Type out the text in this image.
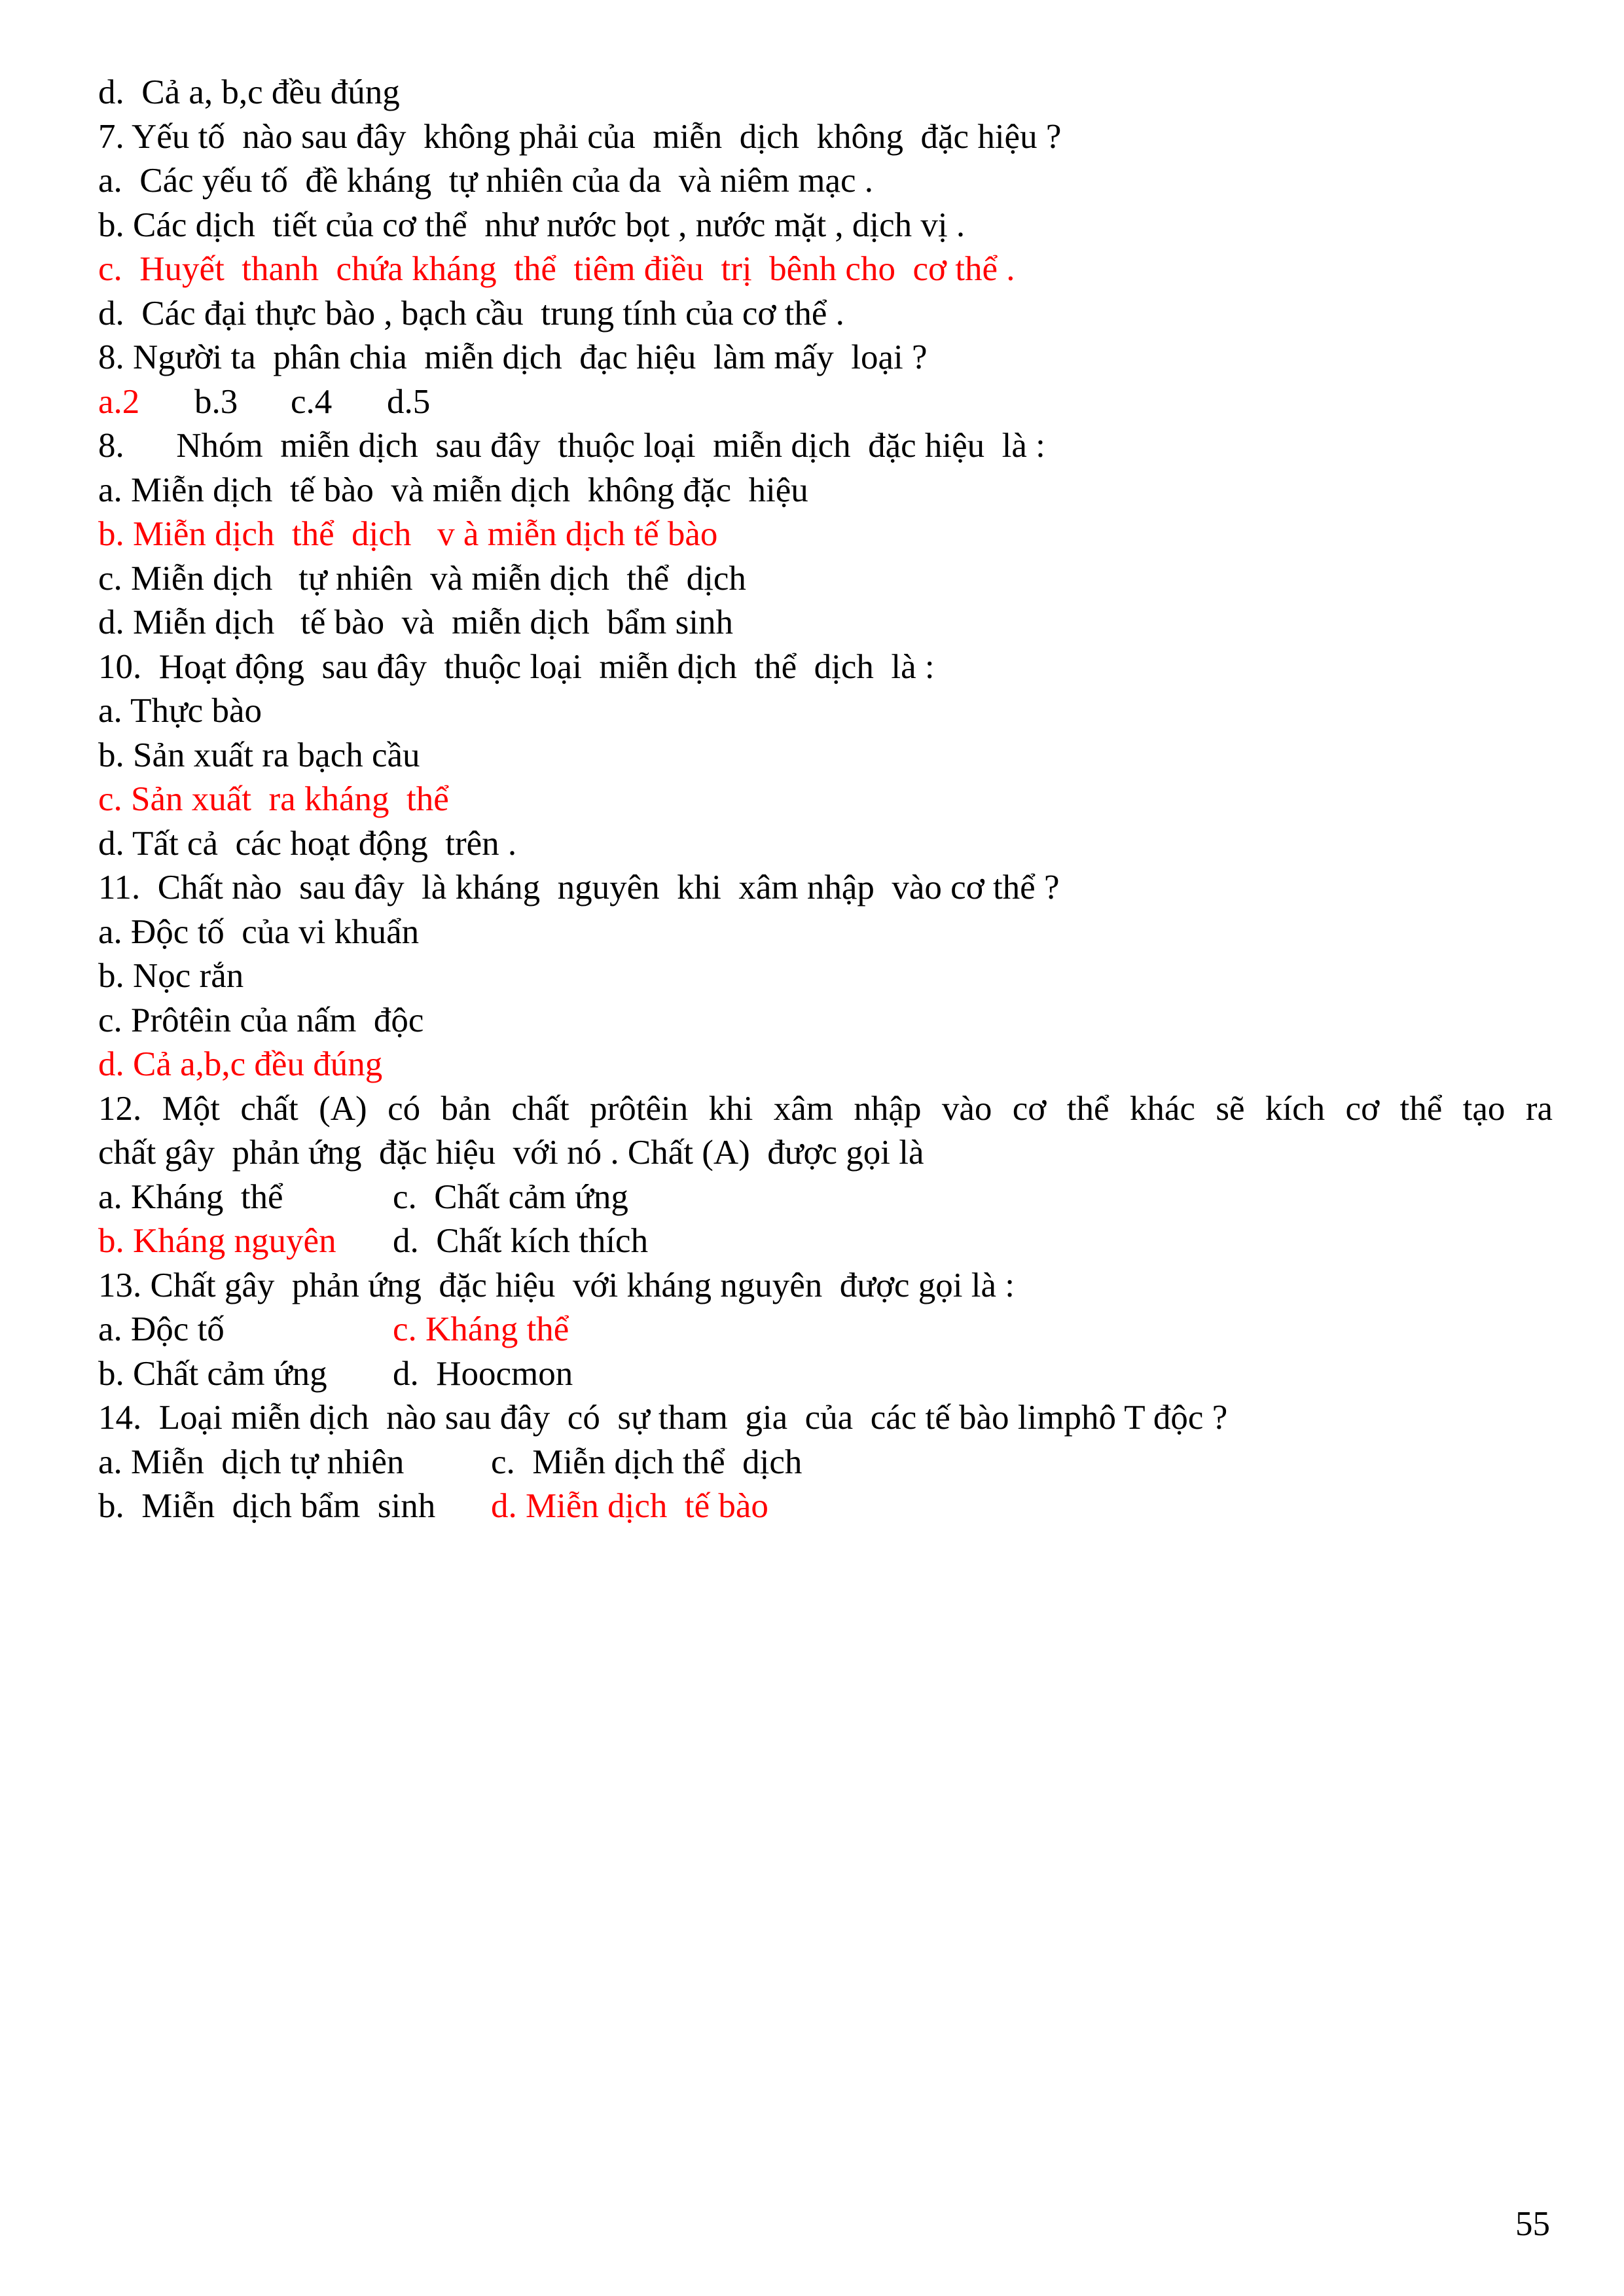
d.  Cả a, b,c đều đúng
7. Yếu tố  nào sau đây  không phải của  miễn  dịch  không  đặc hiệu ?
a.  Các yếu tố  đề kháng  tự nhiên của da  và niêm mạc .
b. Các dịch  tiết của cơ thể  như nước bọt , nước mặt , dịch vị .
c.  Huyết  thanh  chứa kháng  thể  tiêm điều  trị  bênh cho  cơ thể .
d.  Các đại thực bào , bạch cầu  trung tính của cơ thể .
8. Người ta  phân chia  miễn dịch  đạc hiệu  làm mấy  loại ?
a.2 b.3 c.4 d.5
8.      Nhóm  miễn dịch  sau đây  thuộc loại  miễn dịch  đặc hiệu  là :
a. Miễn dịch  tế bào  và miễn dịch  không đặc  hiệu
b. Miễn dịch  thể  dịch   v à miễn dịch tế bào
c. Miễn dịch   tự nhiên  và miễn dịch  thể  dịch
d. Miễn dịch   tế bào  và  miễn dịch  bẩm sinh
10.  Hoạt động  sau đây  thuộc loại  miễn dịch  thể  dịch  là :
a. Thực bào
b. Sản xuất ra bạch cầu
c. Sản xuất  ra kháng  thể
d. Tất cả  các hoạt động  trên .
11.  Chất nào  sau đây  là kháng  nguyên  khi  xâm nhập  vào cơ thể ?
a. Độc tố  của vi khuẩn
b. Nọc rắn
c. Prôtêin của nấm  độc
d. Cả a,b,c đều đúng
12. Một chất (A) có bản chất prôtêin khi xâm nhập vào cơ thể khác sẽ kích cơ thể tạo ra
chất gây  phản ứng  đặc hiệu  với nó . Chất (A)  được gọi là
a. Kháng  thể	c.  Chất cảm ứng
b. Kháng nguyên d.  Chất kích thích
13. Chất gây  phản ứng  đặc hiệu  với kháng nguyên  được gọi là :
a. Độc tố	c. Kháng thể
b. Chất cảm ứng d.  Hoocmon
14.  Loại miễn dịch  nào sau đây  có  sự tham  gia  của  các tế bào limphô T độc ?
a. Miễn  dịch tự nhiên	c.  Miễn dịch thể  dịch
b.  Miễn  dịch bẩm  sinh d. Miễn dịch  tế bào
55
